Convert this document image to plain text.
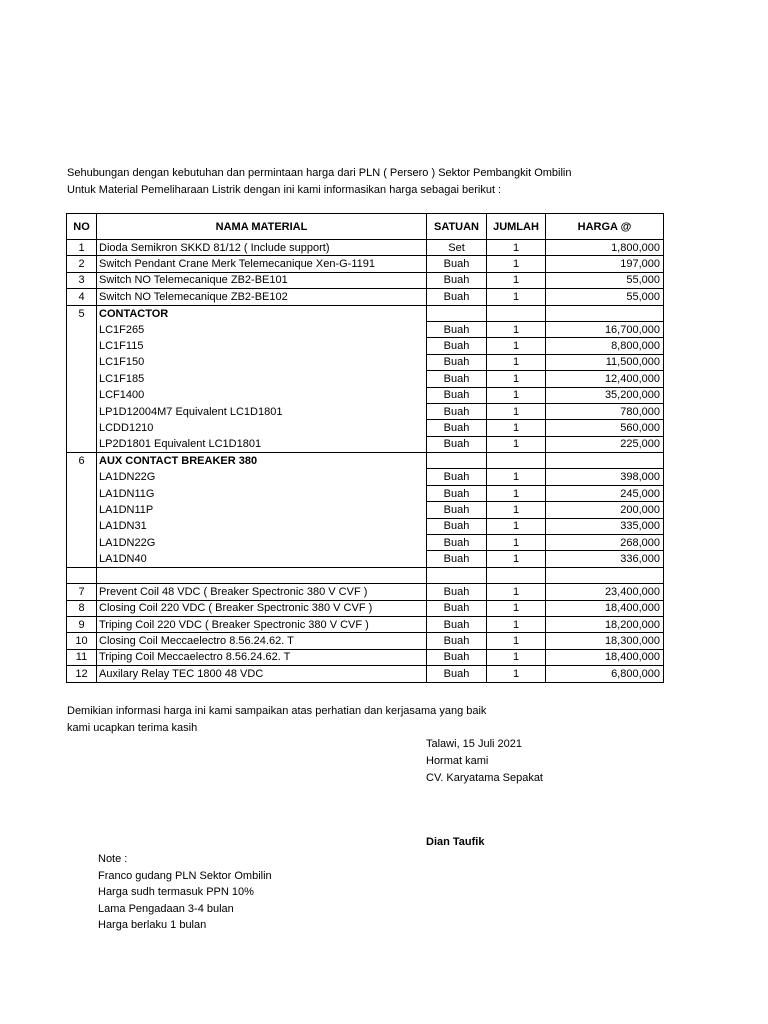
Sehubungan dengan kebutuhan dan permintaan harga dari PLN ( Persero ) Sektor Pembangkit Ombilin
Untuk Material Pemeliharaan Listrik dengan ini kami informasikan harga sebagai berikut :
NO	NAMA MATERIAL	SATUAN	JUMLAH	HARGA @
1	Dioda Semikron SKKD 81/12 ( Include support)	Set	1	1,800,000
2	Switch Pendant Crane Merk Telemecanique Xen-G-1191	Buah	1	197,000
3	Switch NO Telemecanique ZB2-BE101	Buah	1	55,000
4	Switch NO Telemecanique ZB2-BE102	Buah	1	55,000
5	CONTACTOR			
	LC1F265	Buah	1	16,700,000
	LC1F115	Buah	1	8,800,000
	LC1F150	Buah	1	11,500,000
	LC1F185	Buah	1	12,400,000
	LCF1400	Buah	1	35,200,000
	LP1D12004M7 Equivalent LC1D1801	Buah	1	780,000
	LCDD1210	Buah	1	560,000
	LP2D1801 Equivalent LC1D1801	Buah	1	225,000
6	AUX CONTACT BREAKER 380			
	LA1DN22G	Buah	1	398,000
	LA1DN11G	Buah	1	245,000
	LA1DN11P	Buah	1	200,000
	LA1DN31	Buah	1	335,000
	LA1DN22G	Buah	1	268,000
	LA1DN40	Buah	1	336,000

7	Prevent Coil 48 VDC ( Breaker Spectronic 380 V CVF )	Buah	1	23,400,000
8	Closing Coil 220 VDC ( Breaker Spectronic 380 V CVF )	Buah	1	18,400,000
9	Triping Coil 220 VDC ( Breaker Spectronic 380 V CVF )	Buah	1	18,200,000
10	Closing Coil Meccaelectro 8.56.24.62. T	Buah	1	18,300,000
11	Triping Coil Meccaelectro 8.56.24.62. T	Buah	1	18,400,000
12	Auxilary Relay TEC 1800 48 VDC	Buah	1	6,800,000
Demikian informasi harga ini kami sampaikan atas perhatian dan kerjasama yang baik
kami ucapkan terima kasih
Talawi, 15 Juli 2021
Hormat kami
CV. Karyatama Sepakat
Dian Taufik
Note :
Franco gudang PLN Sektor Ombilin
Harga sudh termasuk PPN 10%
Lama Pengadaan 3-4 bulan
Harga berlaku 1 bulan
